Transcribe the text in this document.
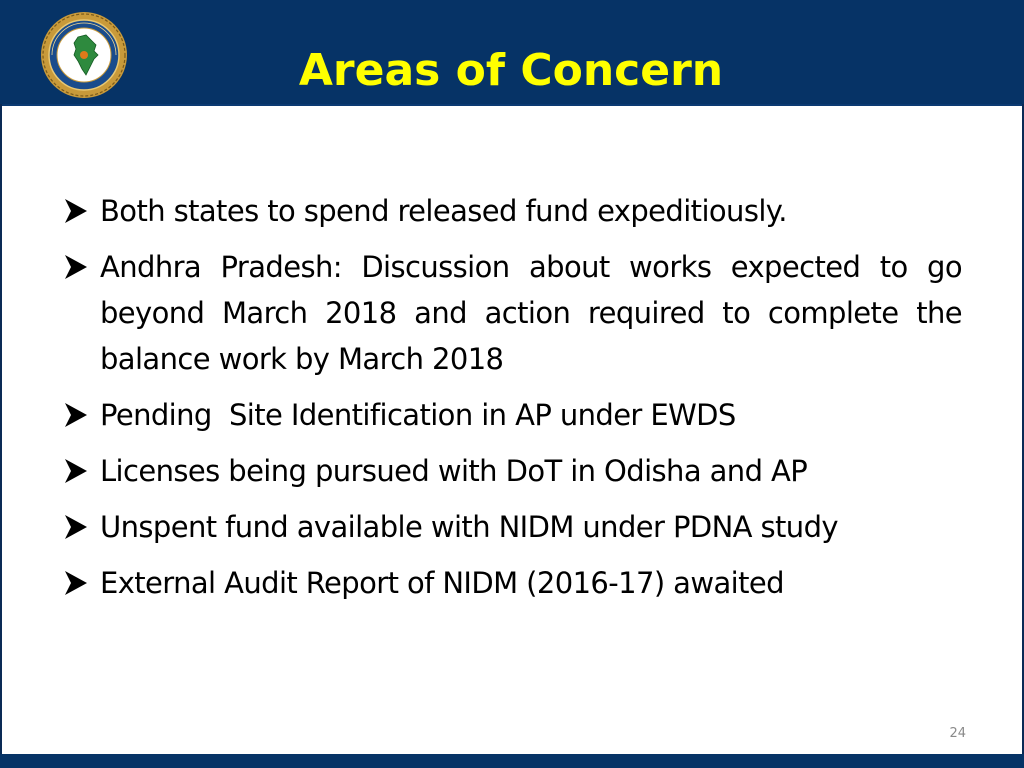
Areas of Concern
Both states to spend released fund expeditiously.
Andhra Pradesh: Discussion about works expected to go beyond March 2018 and action required to complete the balance work by March 2018
Pending  Site Identification in AP under EWDS
Licenses being pursued with DoT in Odisha and AP
Unspent fund available with NIDM under PDNA study
External Audit Report of NIDM (2016-17) awaited
24
